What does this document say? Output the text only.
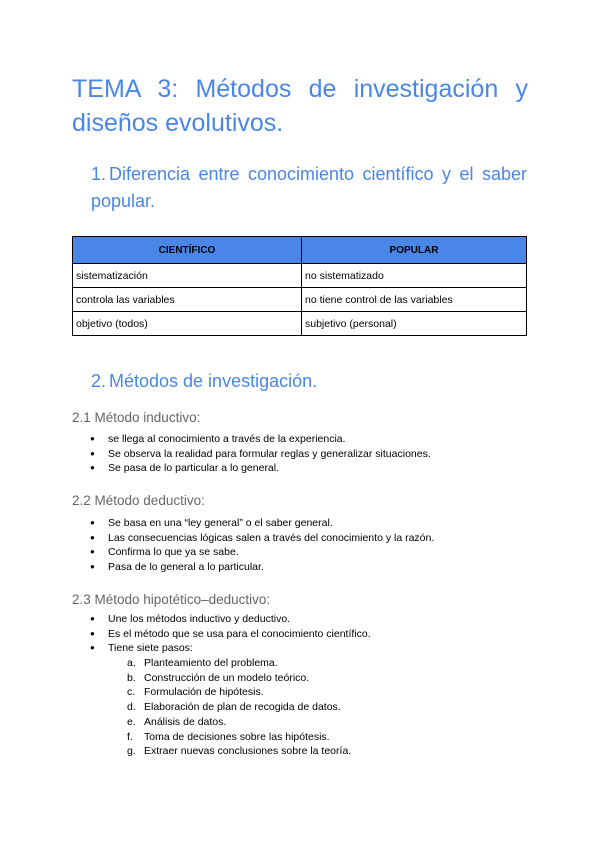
TEMA 3: Métodos de investigación y diseños evolutivos.
1. Diferencia entre conocimiento científico y el saber popular.
CIENTÍFICO	POPULAR
sistematización	no sistematizado
controla las variables	no tiene control de las variables
objetivo (todos)	subjetivo (personal)
2. Métodos de investigación.
2.1 Método inductivo:
● se llega al conocimiento a través de la experiencia.
● Se observa la realidad para formular reglas y generalizar situaciones.
● Se pasa de lo particular a lo general.
2.2 Método deductivo:
● Se basa en una “ley general” o el saber general.
● Las consecuencias lógicas salen a través del conocimiento y la razón.
● Confirma lo que ya se sabe.
● Pasa de lo general a lo particular.
2.3 Método hipotético–deductivo:
● Une los métodos inductivo y deductivo.
● Es el método que se usa para el conocimiento científico.
● Tiene siete pasos:
a. Planteamiento del problema.
b. Construcción de un modelo teórico.
c. Formulación de hipótesis.
d. Elaboración de plan de recogida de datos.
e. Análisis de datos.
f. Toma de decisiones sobre las hipótesis.
g. Extraer nuevas conclusiones sobre la teoría.
